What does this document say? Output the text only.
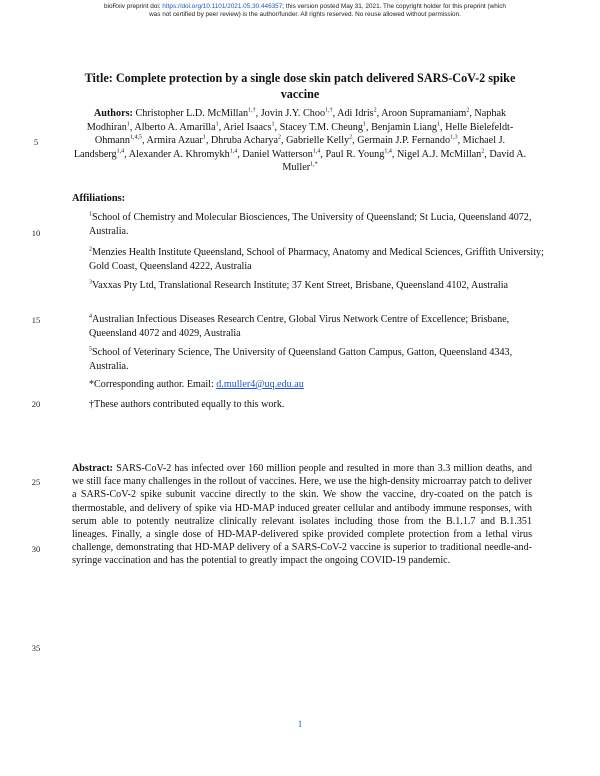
bioRxiv preprint doi: https://doi.org/10.1101/2021.05.30.446357; this version posted May 31, 2021. The copyright holder for this preprint (which
was not certified by peer review) is the author/funder. All rights reserved. No reuse allowed without permission.
Title: Complete protection by a single dose skin patch delivered SARS-CoV-2 spike vaccine
Authors: Christopher L.D. McMillan$^{1,\dagger}$, Jovin J.Y. Choo$^{1,\dagger}$, Adi Idris$^2$, Aroon Supramaniam$^2$, Naphak Modhiran$^1$, Alberto A. Amarilla$^1$, Ariel Isaacs$^1$, Stacey T.M. Cheung$^1$, Benjamin Liang$^1$, Helle Bielefeldt-Ohmann$^{1,4,5}$, Armira Azuar$^1$, Dhruba Acharya$^2$, Gabrielle Kelly$^2$, Germain J.P. Fernando$^{1,3}$, Michael J. Landsberg$^{1,4}$, Alexander A. Khromykh$^{1,4}$, Daniel Watterson$^{1,4}$, Paul R. Young$^{1,4}$, Nigel A.J. McMillan$^2$, David A. Muller$^{1,*}$
Affiliations:
$^1$School of Chemistry and Molecular Biosciences, The University of Queensland; St Lucia, Queensland 4072, Australia.
$^2$Menzies Health Institute Queensland, School of Pharmacy, Anatomy and Medical Sciences, Griffith University; Gold Coast, Queensland 4222, Australia
$^3$Vaxxas Pty Ltd, Translational Research Institute; 37 Kent Street, Brisbane, Queensland 4102, Australia
$^4$Australian Infectious Diseases Research Centre, Global Virus Network Centre of Excellence; Brisbane, Queensland 4072 and 4029, Australia
$^5$School of Veterinary Science, The University of Queensland Gatton Campus, Gatton, Queensland 4343, Australia.
*Corresponding author. Email: d.muller4@uq.edu.au
†These authors contributed equally to this work.
Abstract: SARS-CoV-2 has infected over 160 million people and resulted in more than 3.3 million deaths, and we still face many challenges in the rollout of vaccines. Here, we use the high-density microarray patch to deliver a SARS-CoV-2 spike subunit vaccine directly to the skin. We show the vaccine, dry-coated on the patch is thermostable, and delivery of spike via HD-MAP induced greater cellular and antibody immune responses, with serum able to potently neutralize clinically relevant isolates including those from the B.1.1.7 and B.1.351 lineages. Finally, a single dose of HD-MAP-delivered spike provided complete protection from a lethal virus challenge, demonstrating that HD-MAP delivery of a SARS-CoV-2 vaccine is superior to traditional needle-and-syringe vaccination and has the potential to greatly impact the ongoing COVID-19 pandemic.
5
10
15
20
25
30
35
1
